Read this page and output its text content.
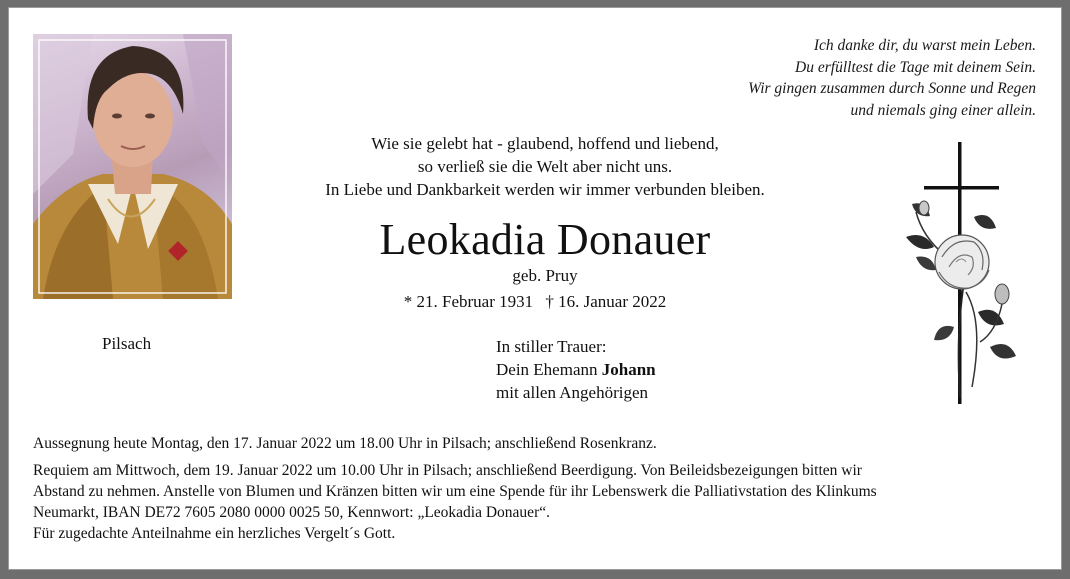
Ich danke dir, du warst mein Leben.
Du erfülltest die Tage mit deinem Sein.
Wir gingen zusammen durch Sonne und Regen
und niemals ging einer allein.
Wie sie gelebt hat - glaubend, hoffend und liebend,
so verließ sie die Welt aber nicht uns.
In Liebe und Dankbarkeit werden wir immer verbunden bleiben.
Leokadia Donauer
geb. Pruy
* 21. Februar 1931 † 16. Januar 2022
Pilsach	In stiller Trauer:
Dein Ehemann Johann
mit allen Angehörigen

Aussegnung heute Montag, den 17. Januar 2022 um 18.00 Uhr in Pilsach; anschließend Rosenkranz.

Requiem am Mittwoch, dem 19. Januar 2022 um 10.00 Uhr in Pilsach; anschließend Beerdigung. Von Beileidsbezeigungen bitten wir
Abstand zu nehmen. Anstelle von Blumen und Kränzen bitten wir um eine Spende für ihr Lebenswerk die Palliativstation des Klinkums
Neumarkt, IBAN DE72 7605 2080 0000 0025 50, Kennwort: „Leokadia Donauer“.
Für zugedachte Anteilnahme ein herzliches Vergelt´s Gott.
